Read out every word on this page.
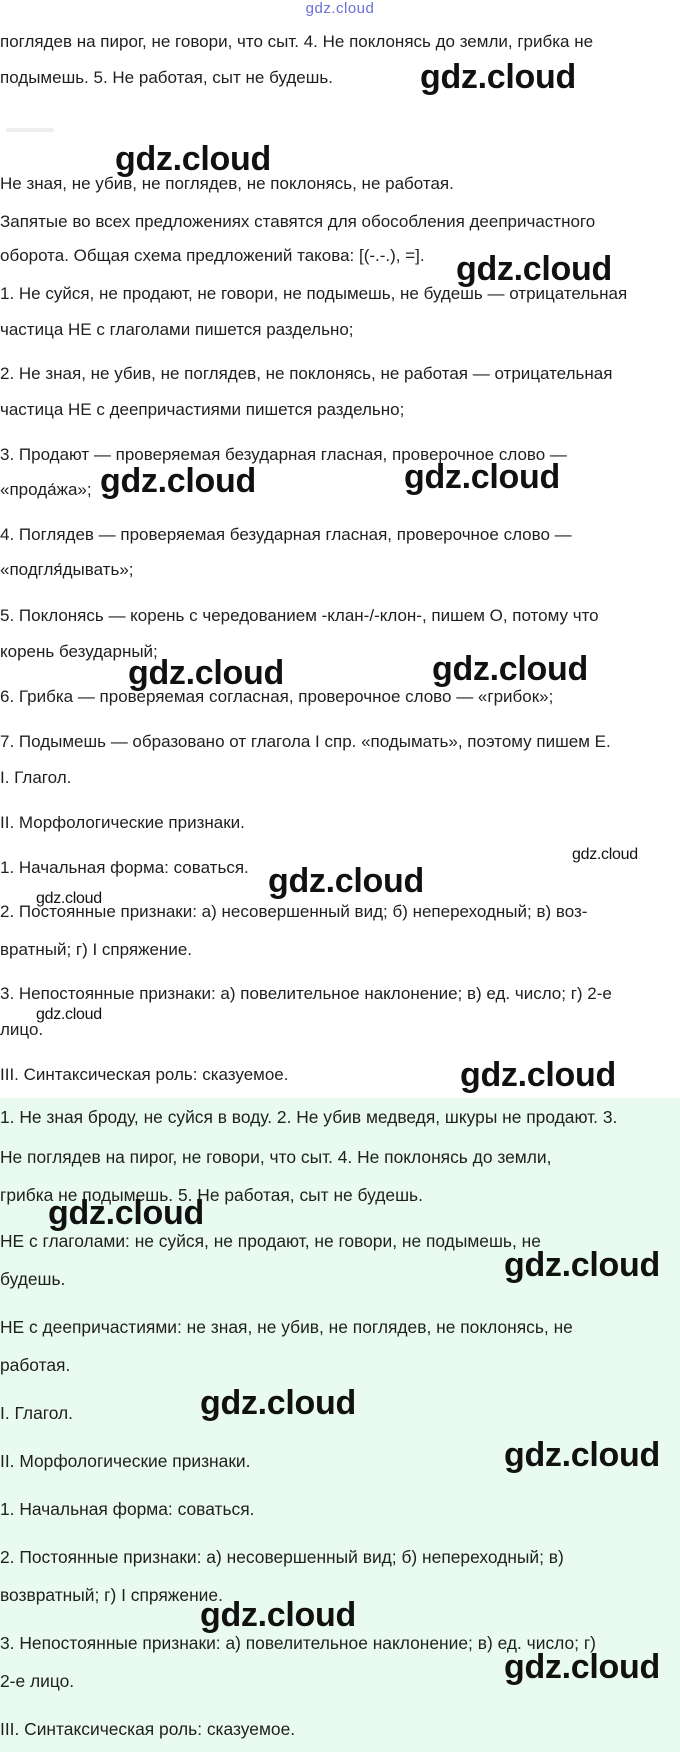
gdz.cloud

поглядев на пирог, не говори, что сыт. 4. Не поклонясь до земли, грибка не

подымешь. 5. Не работая, сыт не будешь.

Не зная, не убив, не поглядев, не поклонясь, не работая.

Запятые во всех предложениях ставятся для обособления деепричастного

оборота. Общая схема предложений такова: [(-.-.), =].

1. Не суйся, не продают, не говори, не подымешь, не будешь — отрицательная

частица НЕ с глаголами пишется раздельно;

2. Не зная, не убив, не поглядев, не поклонясь, не работая — отрицательная

частица НЕ с деепричастиями пишется раздельно;

3. Продают — проверяемая безударная гласная, проверочное слово —

«прода́жа»;

4. Поглядев — проверяемая безударная гласная, проверочное слово —

«подгля́дывать»;

5. Поклонясь — корень с чередованием -клан-/-клон-, пишем О, потому что

корень безударный;

6. Грибка — проверяемая согласная, проверочное слово — «грибок»;

7. Подымешь — образовано от глагола I спр. «подымать», поэтому пишем Е.

I. Глагол.

II. Морфологические признаки.

1. Начальная форма: соваться.

2. Постоянные признаки: а) несовершенный вид; б) непереходный; в) воз-

вратный; г) I спряжение.

3. Непостоянные признаки: а) повелительное наклонение; в) ед. число; г) 2-е

лицо.

III. Синтаксическая роль: сказуемое.

1. Не зная броду, не суйся в воду. 2. Не убив медведя, шкуры не продают. 3.

Не поглядев на пирог, не говори, что сыт. 4. Не поклонясь до земли,

грибка не подымешь. 5. Не работая, сыт не будешь.

НЕ с глаголами: не суйся, не продают, не говори, не подымешь, не

будешь.

НЕ с деепричастиями: не зная, не убив, не поглядев, не поклонясь, не

работая.

I. Глагол.

II. Морфологические признаки.

1. Начальная форма: соваться.

2. Постоянные признаки: а) несовершенный вид; б) непереходный; в)

возвратный; г) I спряжение.

3. Непостоянные признаки: а) повелительное наклонение; в) ед. число; г)

2-е лицо.

III. Синтаксическая роль: сказуемое.

gdz.cloud
gdz.cloud
gdz.cloud
gdz.cloud	gdz.cloud
gdz.cloud	gdz.cloud
gdz.cloud
gdz.cloud
gdz.cloud
gdz.cloud
gdz.cloud
gdz.cloud
gdz.cloud
gdz.cloud
gdz.cloud
gdz.cloud
gdz.cloud
